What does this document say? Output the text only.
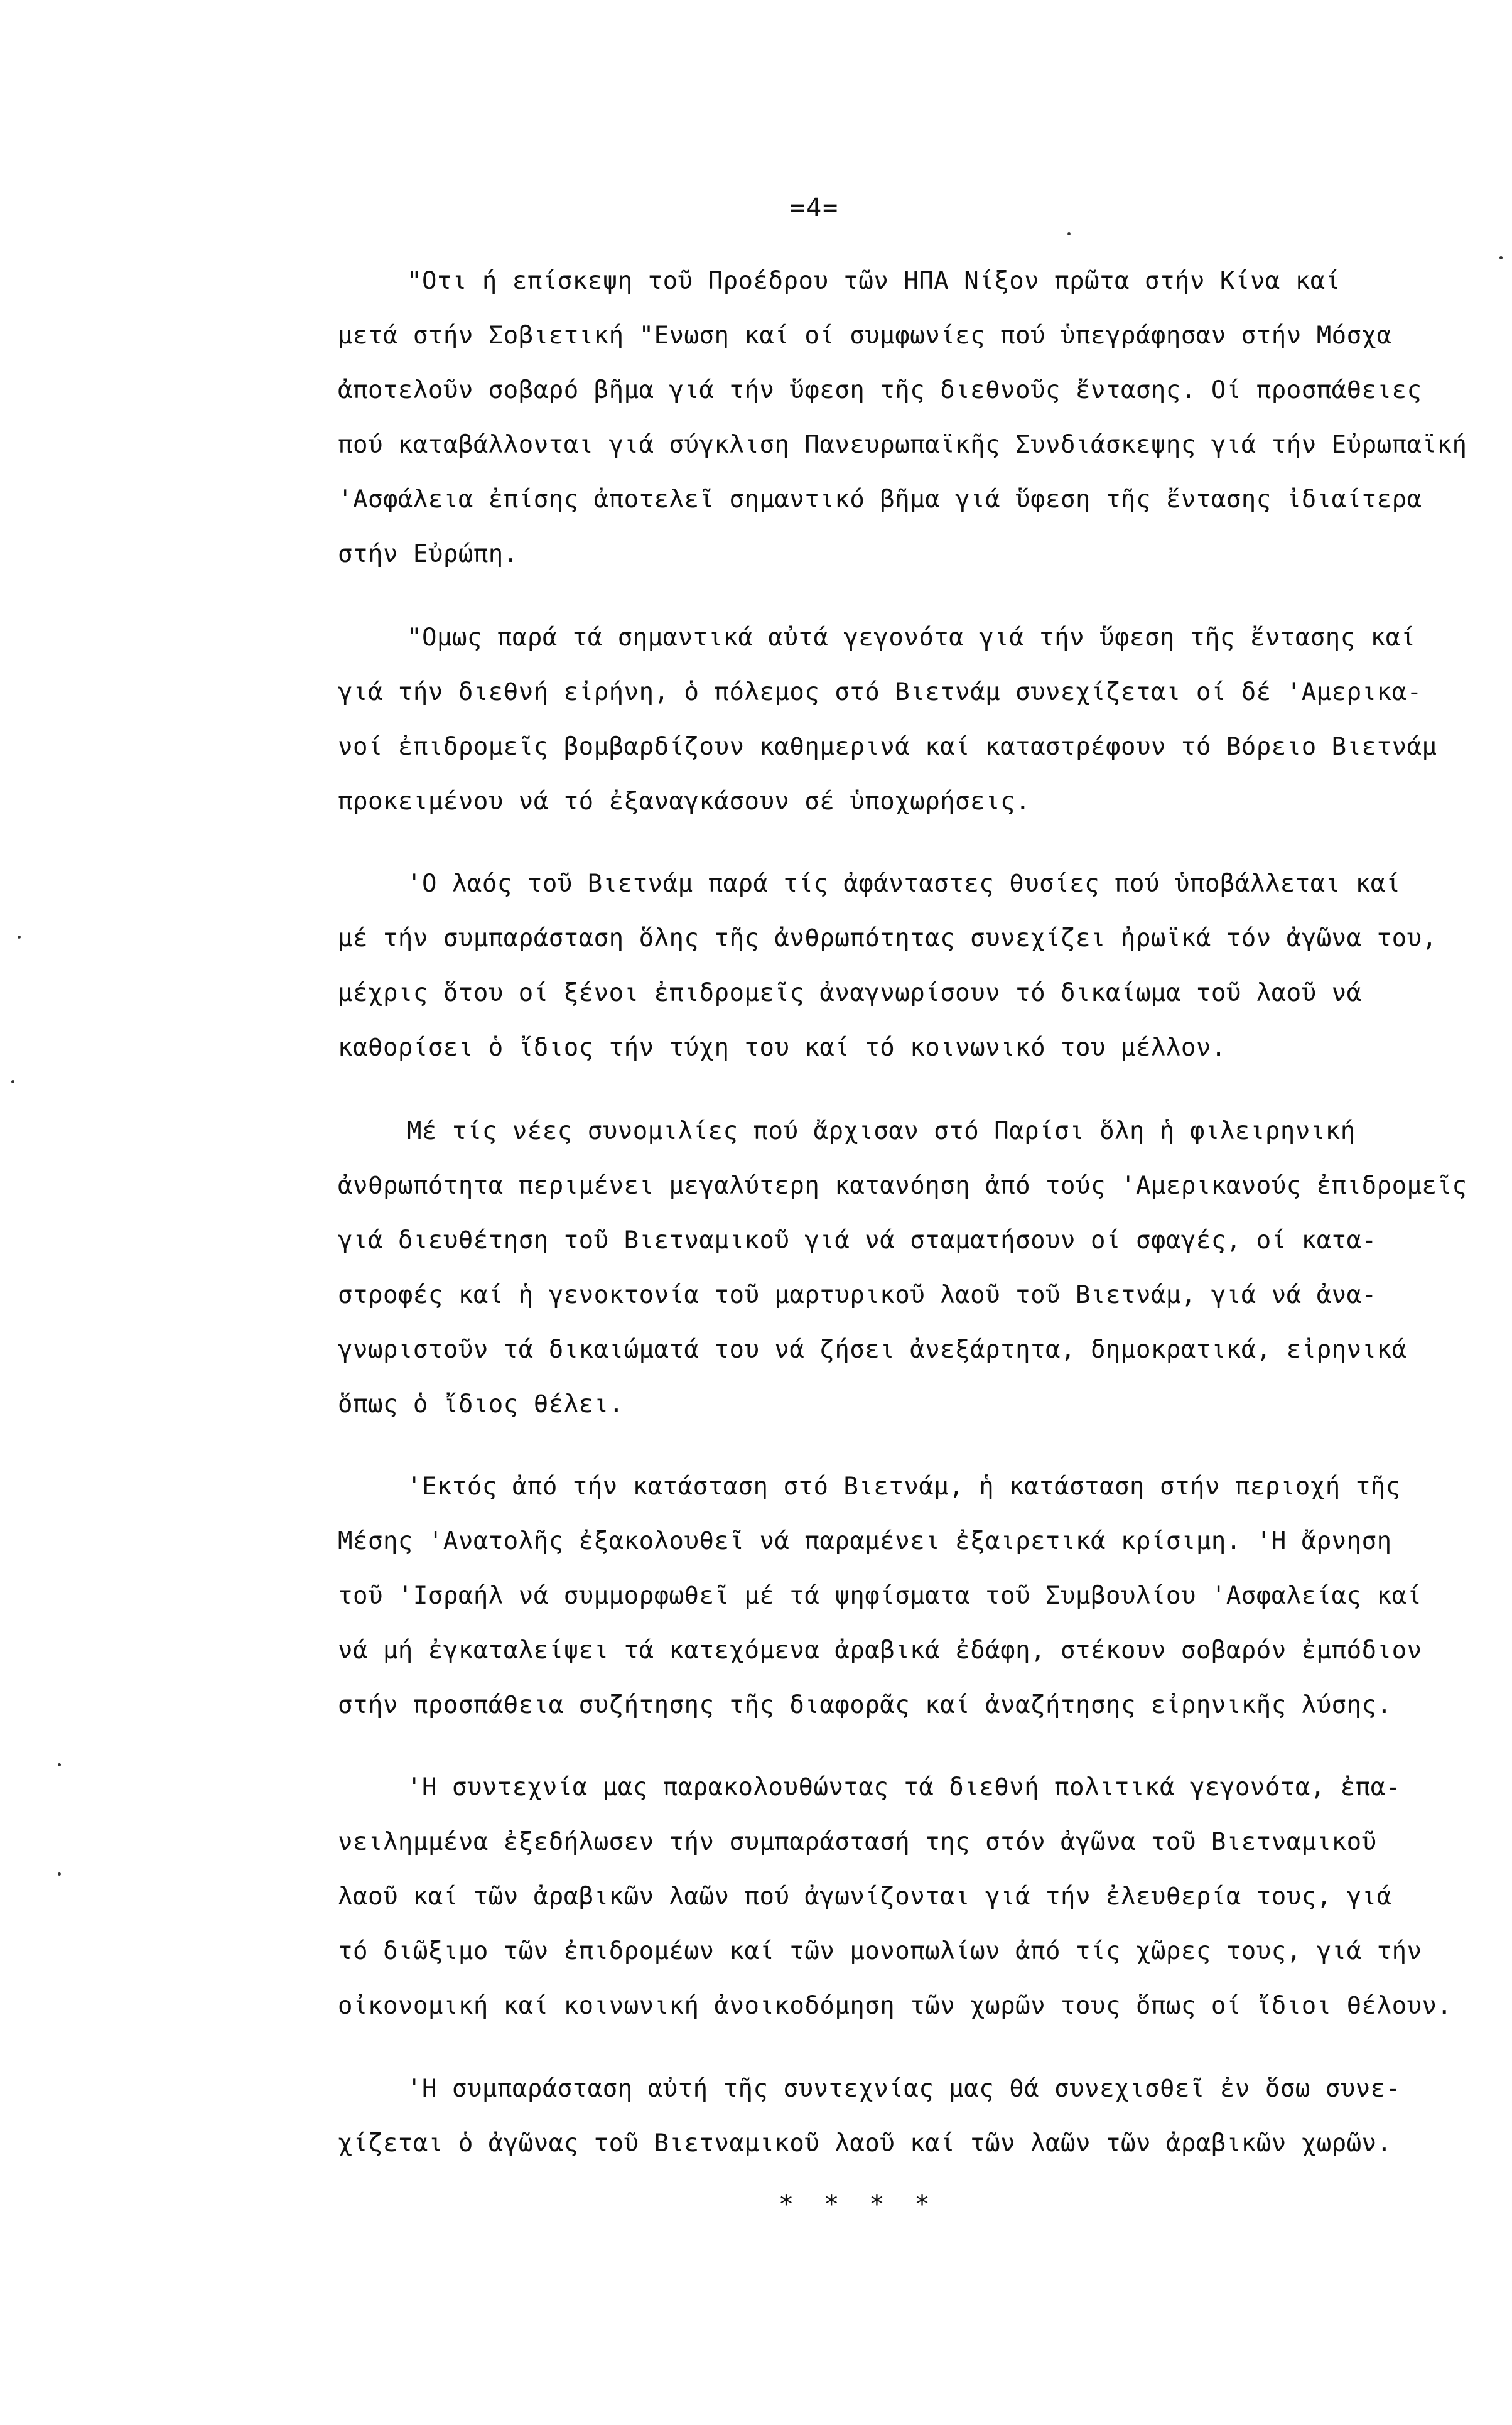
=4=
"Οτι ή επίσκεψη τοῦ Προέδρου τῶν ΗΠΑ Νίξον πρῶτα στήν Κίνα καί
μετά στήν Σοβιετική "Ενωση καί οί συμφωνίες πού ὑπεγράφησαν στήν Μόσχα
ἀποτελοῦν σοβαρό βῆμα γιά τήν ὕφεση τῆς διεθνοῦς ἔντασης. Οί προσπάθειες
πού καταβάλλονται γιά σύγκλιση Πανευρωπαϊκῆς Συνδιάσκεψης γιά τήν Εὐρωπαϊκή
'Ασφάλεια ἐπίσης ἀποτελεῖ σημαντικό βῆμα γιά ὕφεση τῆς ἔντασης ἰδιαίτερα
στήν Εὐρώπη.
"Ομως παρά τά σημαντικά αὐτά γεγονότα γιά τήν ὕφεση τῆς ἔντασης καί
γιά τήν διεθνή εἰρήνη, ὁ πόλεμος στό Βιετνάμ συνεχίζεται οί δέ 'Αμερικα-
νοί ἐπιδρομεῖς βομβαρδίζουν καθημερινά καί καταστρέφουν τό Βόρειο Βιετνάμ
προκειμένου νά τό ἐξαναγκάσουν σέ ὑποχωρήσεις.
'Ο λαός τοῦ Βιετνάμ παρά τίς ἀφάνταστες θυσίες πού ὑποβάλλεται καί
μέ τήν συμπαράσταση ὅλης τῆς ἀνθρωπότητας συνεχίζει ἠρωϊκά τόν ἀγῶνα του,
μέχρις ὅτου οί ξένοι ἐπιδρομεῖς ἀναγνωρίσουν τό δικαίωμα τοῦ λαοῦ νά
καθορίσει ὁ ἴδιος τήν τύχη του καί τό κοινωνικό του μέλλον.
Μέ τίς νέες συνομιλίες πού ἄρχισαν στό Παρίσι ὅλη ἡ φιλειρηνική
ἀνθρωπότητα περιμένει μεγαλύτερη κατανόηση ἀπό τούς 'Αμερικανούς ἐπιδρομεῖς
γιά διευθέτηση τοῦ Βιετναμικοῦ γιά νά σταματήσουν οί σφαγές, οί κατα-
στροφές καί ἡ γενοκτονία τοῦ μαρτυρικοῦ λαοῦ τοῦ Βιετνάμ, γιά νά ἀνα-
γνωριστοῦν τά δικαιώματά του νά ζήσει ἀνεξάρτητα, δημοκρατικά, εἰρηνικά
ὅπως ὁ ἴδιος θέλει.
'Εκτός ἀπό τήν κατάσταση στό Βιετνάμ, ἡ κατάσταση στήν περιοχή τῆς
Μέσης 'Ανατολῆς ἐξακολουθεῖ νά παραμένει ἐξαιρετικά κρίσιμη. 'Η ἄρνηση
τοῦ 'Ισραήλ νά συμμορφωθεῖ μέ τά ψηφίσματα τοῦ Συμβουλίου 'Ασφαλείας καί
νά μή ἐγκαταλείψει τά κατεχόμενα ἀραβικά ἐδάφη, στέκουν σοβαρόν ἐμπόδιον
στήν προσπάθεια συζήτησης τῆς διαφορᾶς καί ἀναζήτησης εἰρηνικῆς λύσης.
'Η συντεχνία μας παρακολουθώντας τά διεθνή πολιτικά γεγονότα, ἐπα-
νειλημμένα ἐξεδήλωσεν τήν συμπαράστασή της στόν ἀγῶνα τοῦ Βιετναμικοῦ
λαοῦ καί τῶν ἀραβικῶν λαῶν πού ἀγωνίζονται γιά τήν ἐλευθερία τους, γιά
τό διῶξιμο τῶν ἐπιδρομέων καί τῶν μονοπωλίων ἀπό τίς χῶρες τους, γιά τήν
οἰκονομική καί κοινωνική ἀνοικοδόμηση τῶν χωρῶν τους ὅπως οί ἴδιοι θέλουν.
'Η συμπαράσταση αὐτή τῆς συντεχνίας μας θά συνεχισθεῖ ἐν ὅσω συνε-
χίζεται ὁ ἀγῶνας τοῦ Βιετναμικοῦ λαοῦ καί τῶν λαῶν τῶν ἀραβικῶν χωρῶν.
* * * *
